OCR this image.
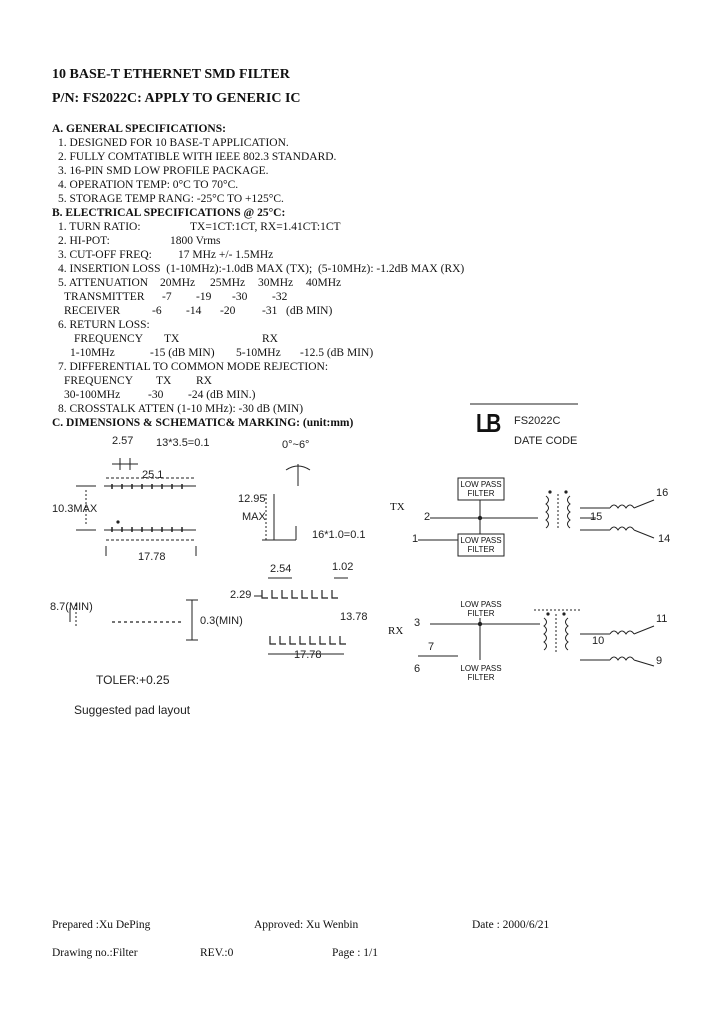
10 BASE-T ETHERNET SMD FILTER
P/N: FS2022C: APPLY TO GENERIC IC
A. GENERAL SPECIFICATIONS:
1. DESIGNED FOR 10 BASE-T APPLICATION.
2. FULLY COMTATIBLE WITH IEEE 802.3 STANDARD.
3. 16-PIN SMD LOW PROFILE PACKAGE.
4. OPERATION TEMP: 0°C TO 70°C.
5. STORAGE TEMP RANG: -25°C TO +125°C.
B. ELECTRICAL SPECIFICATIONS @ 25°C:
1. TURN RATIO:	TX=1CT:1CT, RX=1.41CT:1CT
2. HI-POT:	1800 Vrms
3. CUT-OFF FREQ: 17 MHz +/- 1.5MHz
4. INSERTION LOSS  (1-10MHz):-1.0dB MAX (TX);  (5-10MHz): -1.2dB MAX (RX)
5. ATTENUATION 20MHz 25MHz 30MHz 40MHz
TRANSMITTER -7 -19 -30 -32
RECEIVER	-6 -14 -20 -31 (dB MIN)
6. RETURN LOSS:
FREQUENCY TX	RX
1-10MHz	-15 (dB MIN) 5-10MHz -12.5 (dB MIN)
7. DIFFERENTIAL TO COMMON MODE REJECTION:
FREQUENCY TX RX
30-100MHz -30 -24 (dB MIN.)
8. CROSSTALK ATTEN (1-10 MHz): -30 dB (MIN)
C. DIMENSIONS & SCHEMATIC& MARKING: (unit:mm)
2.57 13*3.5=0.1
25.1
10.3MAX
17.78
0°~6°
12.95
MAX
16*1.0=0.1
2.54	1.02
2.29
13.78
8.7(MIN)
0.3(MIN)
17.78
TOLER:+0.25
Suggested pad layout
LB FS2022C
DATE CODE
TX
RX
LOW PASS FILTER
LOW PASS FILTER
LOW PASS FILTER
LOW PASS FILTER
2
1
16
14
15
3
7
6
11
9
10
Prepared :Xu DePing	Approved: Xu Wenbin	Date : 2000/6/21
Drawing no.:Filter	REV.:0	Page : 1/1
